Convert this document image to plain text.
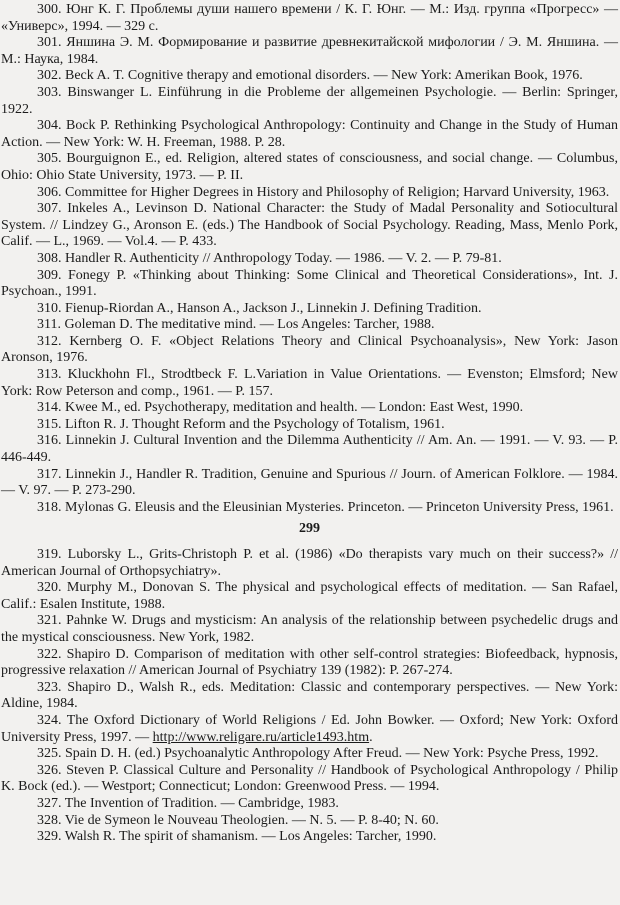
300. Юнг К. Г. Проблемы души нашего времени / К. Г. Юнг. — М.: Изд. группа «Прогресс» — «Универс», 1994. — 329 с.

301. Яншина Э. М. Формирование и развитие древнекитайской мифологии / Э. М. Яншина. — М.: Наука, 1984.

302. Beck A. T. Cognitive therapy and emotional disorders. — New York: Amerikan Book, 1976.

303. Binswanger L. Einführung in die Probleme der allgemeinen Psychologie. — Berlin: Springer, 1922.

304. Bock P. Rethinking Psychological Anthropology: Continuity and Change in the Study of Human Action. — New York: W. H. Freeman, 1988. P. 28.

305. Bourguignon E., ed. Religion, altered states of consciousness, and social change. — Columbus, Ohio: Ohio State University, 1973. — P. II.

306. Committee for Higher Degrees in History and Philosophy of Religion; Harvard University, 1963.

307. Inkeles A., Levinson D. National Character: the Study of Madal Personality and Sotiocultural System. // Lindzey G., Aronson E. (eds.) The Handbook of Social Psychology. Reading, Mass, Menlo Pork, Calif. — L., 1969. — Vol.4. — P. 433.

308. Handler R. Authenticity // Anthropology Today. — 1986. — V. 2. — P. 79-81.

309. Fonegy P. «Thinking about Thinking: Some Clinical and Theoretical Considerations», Int. J. Psychoan., 1991.

310. Fienup-Riordan A., Hanson A., Jackson J., Linnekin J. Defining Tradition.

311. Goleman D. The meditative mind. — Los Angeles: Tarcher, 1988.

312. Kernberg O. F. «Object Relations Theory and Clinical Psychoanalysis», New York: Jason Aronson, 1976.

313. Kluckhohn Fl., Strodtbeck F. L.Variation in Value Orientations. — Evenston; Elmsford; New York: Row Peterson and comp., 1961. — P. 157.

314. Kwee M., ed. Psychotherapy, meditation and health. — London: East West, 1990.

315. Lifton R. J. Thought Reform and the Psychology of Totalism, 1961.

316. Linnekin J. Cultural Invention and the Dilemma Authenticity // Am. An. — 1991. — V. 93. — P. 446-449.

317. Linnekin J., Handler R. Tradition, Genuine and Spurious // Journ. of American Folklore. — 1984. — V. 97. — P. 273-290.

318. Mylonas G. Eleusis and the Eleusinian Mysteries. Princeton. — Princeton University Press, 1961.

299

319. Luborsky L., Grits-Christoph P. et al. (1986) «Do therapists vary much on their success?» // American Journal of Orthopsychiatry».

320. Murphy M., Donovan S. The physical and psychological effects of meditation. — San Rafael, Calif.: Esalen Institute, 1988.

321. Pahnke W. Drugs and mysticism: An analysis of the relationship between psychedelic drugs and the mystical consciousness. New York, 1982.

322. Shapiro D. Comparison of meditation with other self-control strategies: Biofeedback, hypnosis, progressive relaxation // American Journal of Psychiatry 139 (1982): P. 267-274.

323. Shapiro D., Walsh R., eds. Meditation: Classic and contemporary perspectives. — New York: Aldine, 1984.

324. The Oxford Dictionary of World Religions / Ed. John Bowker. — Oxford; New York: Oxford University Press, 1997. — http://www.religare.ru/article1493.htm.

325. Spain D. H. (ed.) Psychoanalytic Anthropology After Freud. — New York: Psyche Press, 1992.

326. Steven P. Classical Culture and Personality // Handbook of Psychological Anthropology / Philip K. Bock (ed.). — Westport; Connecticut; London: Greenwood Press. — 1994.

327. The Invention of Tradition. — Cambridge, 1983.

328. Vie de Symeon le Nouveau Theologien. — N. 5. — P. 8-40; N. 60.

329. Walsh R. The spirit of shamanism. — Los Angeles: Tarcher, 1990.
